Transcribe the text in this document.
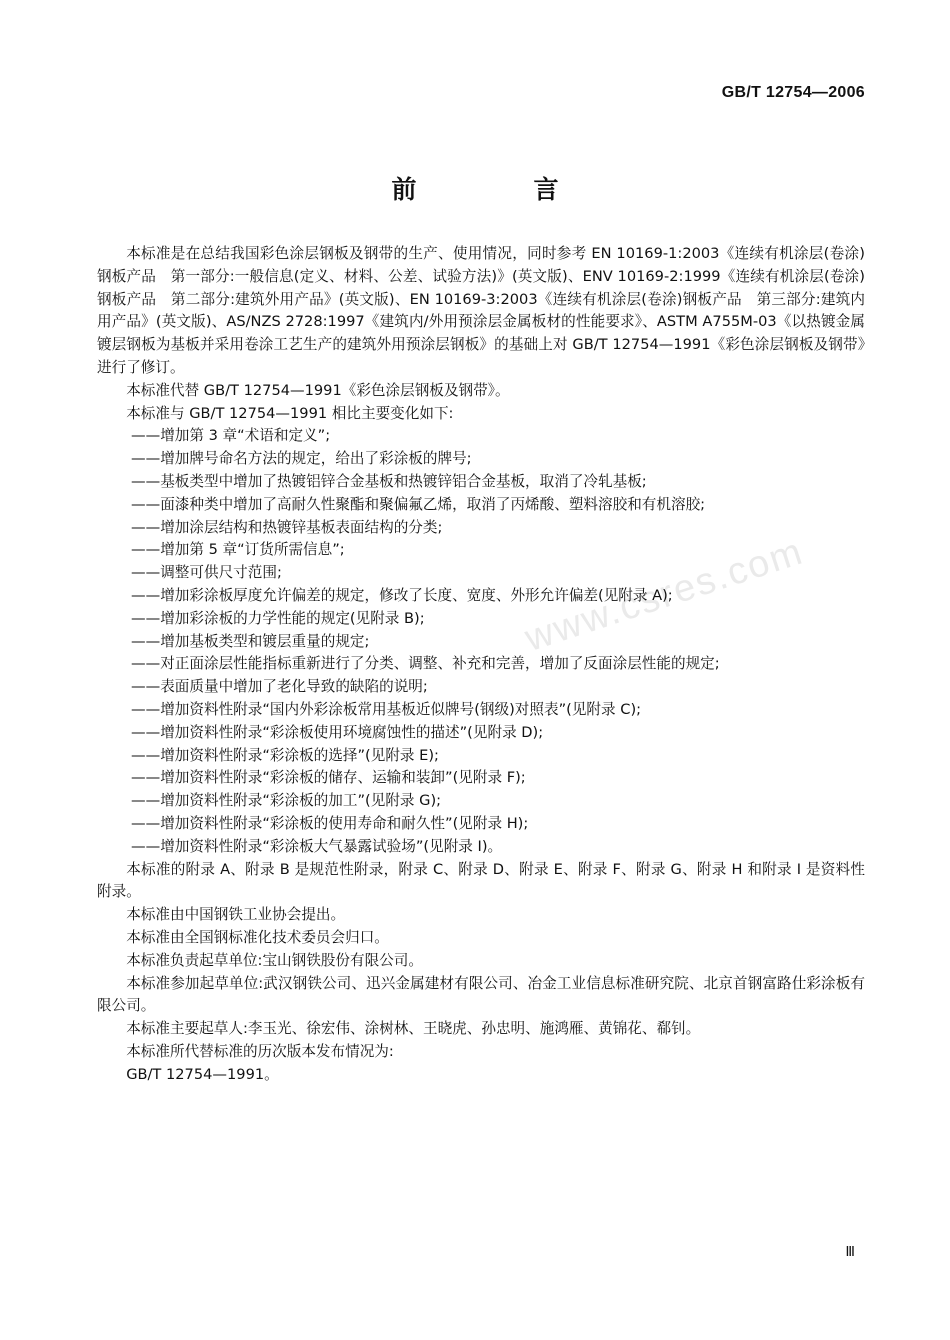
GB/T 12754—2006
前　言
www.csres.com

本标准是在总结我国彩色涂层钢板及钢带的生产、使用情况，同时参考 EN 10169-1:2003《连续有机涂层(卷涂)钢板产品　第一部分:一般信息(定义、材料、公差、试验方法)》(英文版)、ENV 10169-2:1999《连续有机涂层(卷涂)钢板产品　第二部分:建筑外用产品》(英文版)、EN 10169-3:2003《连续有机涂层(卷涂)钢板产品　第三部分:建筑内用产品》(英文版)、AS/NZS 2728:1997《建筑内/外用预涂层金属板材的性能要求》、ASTM A755M-03《以热镀金属镀层钢板为基板并采用卷涂工艺生产的建筑外用预涂层钢板》的基础上对 GB/T 12754—1991《彩色涂层钢板及钢带》进行了修订。

本标准代替 GB/T 12754—1991《彩色涂层钢板及钢带》。

本标准与 GB/T 12754—1991 相比主要变化如下:

——增加第 3 章“术语和定义”;

——增加牌号命名方法的规定，给出了彩涂板的牌号;

——基板类型中增加了热镀铝锌合金基板和热镀锌铝合金基板，取消了冷轧基板;

——面漆种类中增加了高耐久性聚酯和聚偏氟乙烯，取消了丙烯酸、塑料溶胶和有机溶胶;

——增加涂层结构和热镀锌基板表面结构的分类;

——增加第 5 章“订货所需信息”;

——调整可供尺寸范围;

——增加彩涂板厚度允许偏差的规定，修改了长度、宽度、外形允许偏差(见附录 A);

——增加彩涂板的力学性能的规定(见附录 B);

——增加基板类型和镀层重量的规定;

——对正面涂层性能指标重新进行了分类、调整、补充和完善，增加了反面涂层性能的规定;

——表面质量中增加了老化导致的缺陷的说明;

——增加资料性附录“国内外彩涂板常用基板近似牌号(钢级)对照表”(见附录 C);

——增加资料性附录“彩涂板使用环境腐蚀性的描述”(见附录 D);

——增加资料性附录“彩涂板的选择”(见附录 E);

——增加资料性附录“彩涂板的储存、运输和装卸”(见附录 F);

——增加资料性附录“彩涂板的加工”(见附录 G);

——增加资料性附录“彩涂板的使用寿命和耐久性”(见附录 H);

——增加资料性附录“彩涂板大气暴露试验场”(见附录 I)。

本标准的附录 A、附录 B 是规范性附录，附录 C、附录 D、附录 E、附录 F、附录 G、附录 H 和附录 I 是资料性附录。

本标准由中国钢铁工业协会提出。

本标准由全国钢标准化技术委员会归口。

本标准负责起草单位:宝山钢铁股份有限公司。

本标准参加起草单位:武汉钢铁公司、迅兴金属建材有限公司、冶金工业信息标准研究院、北京首钢富路仕彩涂板有限公司。

本标准主要起草人:李玉光、徐宏伟、涂树林、王晓虎、孙忠明、施鸿雁、黄锦花、郗钊。

本标准所代替标准的历次版本发布情况为:

GB/T 12754—1991。

Ⅲ
